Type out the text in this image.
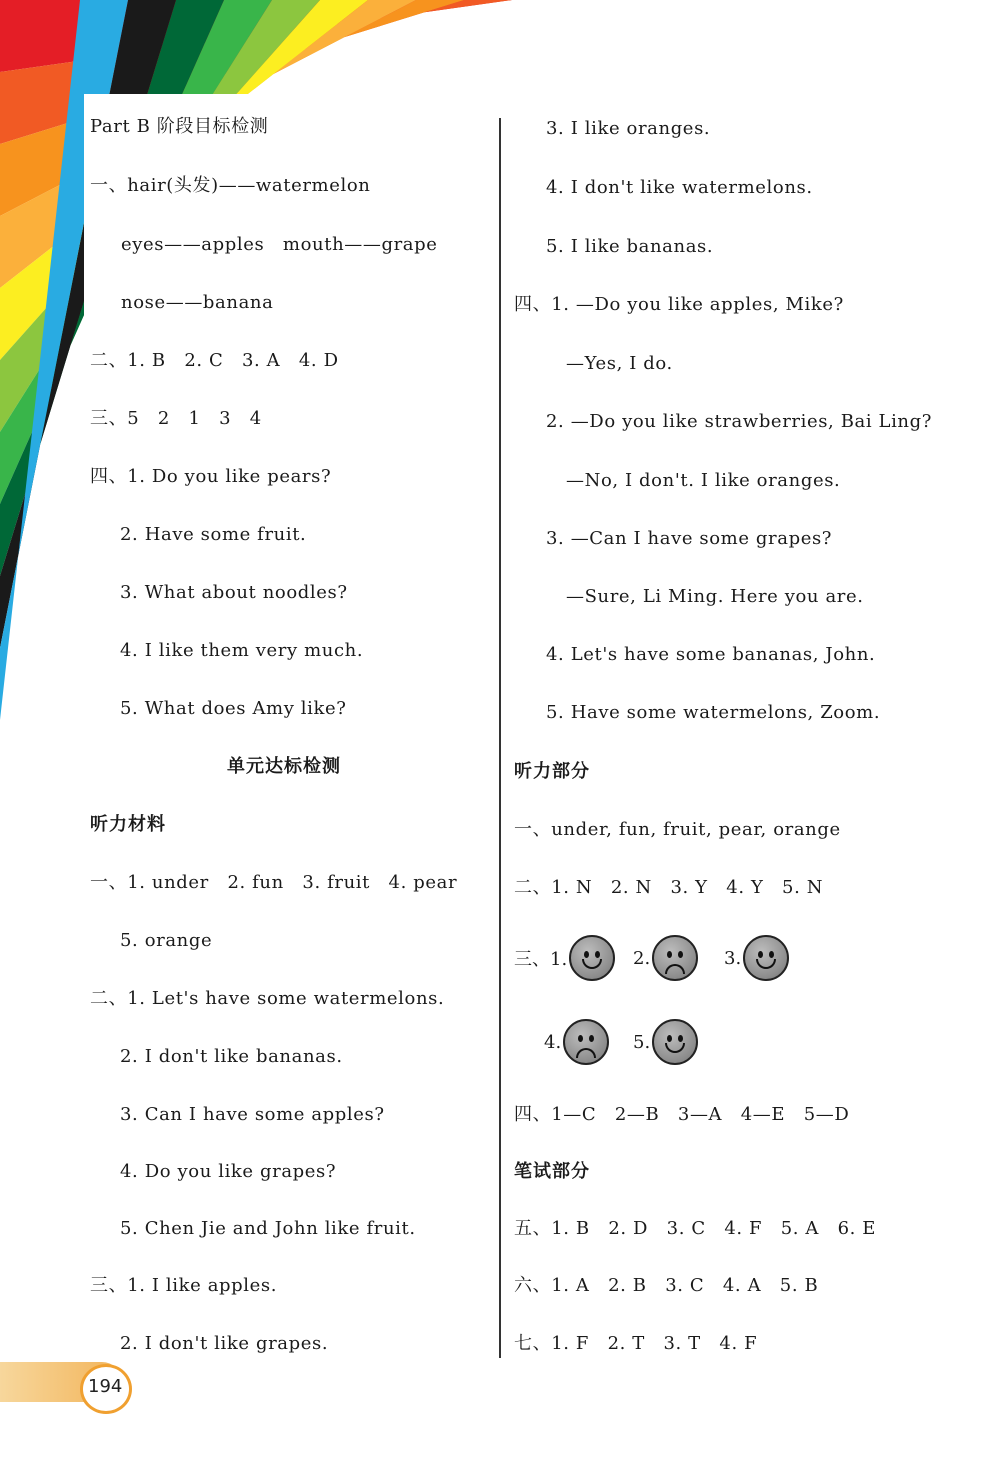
Part B 阶段目标检测
一、hair(头发)——watermelon
eyes——apples　mouth——grape
nose——banana
二、1. B　2. C　3. A　4. D
三、5　2　1　3　4
四、1. Do you like pears?
2. Have some fruit.
3. What about noodles?
4. I like them very much.
5. What does Amy like?
单元达标检测
听力材料
一、1. under　2. fun　3. fruit　4. pear
5. orange
二、1. Let's have some watermelons.
2. I don't like bananas.
3. Can I have some apples?
4. Do you like grapes?
5. Chen Jie and John like fruit.
三、1. I like apples.
2. I don't like grapes.
3. I like oranges.
4. I don't like watermelons.
5. I like bananas.
四、1. —Do you like apples, Mike?
—Yes, I do.
2. —Do you like strawberries, Bai Ling?
—No, I don't. I like oranges.
3. —Can I have some grapes?
—Sure, Li Ming. Here you are.
4. Let's have some bananas, John.
5. Have some watermelons, Zoom.
听力部分
一、under, fun, fruit, pear, orange
二、1. N　2. N　3. Y　4. Y　5. N
四、1—C　2—B　3—A　4—E　5—D
笔试部分
五、1. B　2. D　3. C　4. F　5. A　6. E
六、1. A　2. B　3. C　4. A　5. B
七、1. F　2. T　3. T　4. F
三、1.	2.	3.
4.	5.
194
